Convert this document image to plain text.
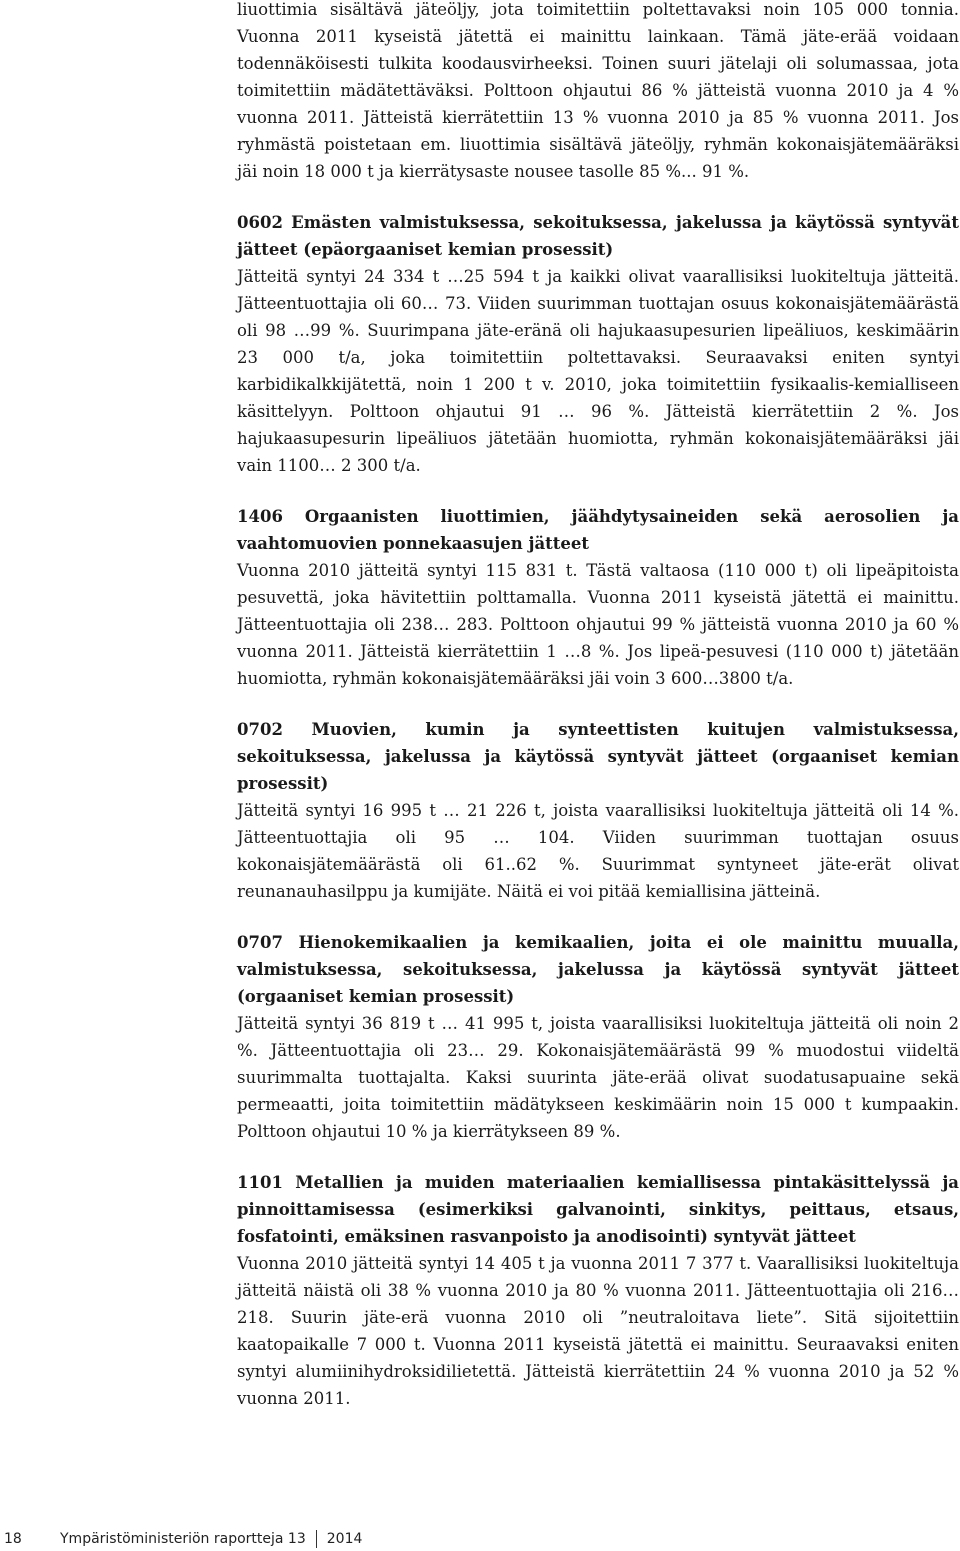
liuottimia sisältävä jäteöljy, jota toimitettiin poltettavaksi noin 105 000 tonnia. Vuonna 2011 kyseistä jätettä ei mainittu lainkaan. Tämä jäte-erää voidaan todennäköisesti tulkita koodausvirheeksi. Toinen suuri jätelaji oli solumassaa, jota toimitettiin mädätettäväksi. Polttoon ohjautui 86 % jätteistä vuonna 2010 ja 4 % vuonna 2011. Jätteistä kierrätettiin 13 % vuonna 2010 ja 85 % vuonna 2011. Jos ryhmästä poistetaan em. liuottimia sisältävä jäteöljy, ryhmän kokonaisjätemääräksi jäi noin 18 000 t ja kierrätysaste nousee tasolle 85 %... 91 %.

0602 Emästen valmistuksessa, sekoituksessa, jakelussa ja käytössä syntyvät jätteet (epäorgaaniset kemian prosessit)

Jätteitä syntyi 24 334 t …25 594 t ja kaikki olivat vaarallisiksi luokiteltuja jätteitä. Jätteentuottajia oli 60… 73. Viiden suurimman tuottajan osuus kokonaisjätemäärästä oli 98 …99 %. Suurimpana jäte-eränä oli hajukaasupesurien lipeäliuos, keskimäärin 23 000 t/a, joka toimitettiin poltettavaksi. Seuraavaksi eniten syntyi karbidikalkkijätettä, noin 1 200 t v. 2010, joka toimitettiin fysikaalis-kemialliseen käsittelyyn. Polttoon ohjautui 91 … 96 %. Jätteistä kierrätettiin 2 %. Jos hajukaasupesurin lipeäliuos jätetään huomiotta, ryhmän kokonaisjätemääräksi jäi vain 1100… 2 300 t/a.

1406 Orgaanisten liuottimien, jäähdytysaineiden sekä aerosolien ja vaahtomuovien ponnekaasujen jätteet

Vuonna 2010 jätteitä syntyi 115 831 t. Tästä valtaosa (110 000 t) oli lipeäpitoista pesuvettä, joka hävitettiin polttamalla. Vuonna 2011 kyseistä jätettä ei mainittu. Jätteentuottajia oli 238… 283. Polttoon ohjautui 99 % jätteistä vuonna 2010 ja 60 % vuonna 2011. Jätteistä kierrätettiin 1 …8 %. Jos lipeä-pesuvesi (110 000 t) jätetään huomiotta, ryhmän kokonaisjätemääräksi jäi voin 3 600…3800 t/a.

0702 Muovien, kumin ja synteettisten kuitujen valmistuksessa, sekoituksessa, jakelussa ja käytössä syntyvät jätteet (orgaaniset kemian prosessit)

Jätteitä syntyi 16 995 t … 21 226 t, joista vaarallisiksi luokiteltuja jätteitä oli 14 %. Jätteentuottajia oli 95 … 104. Viiden suurimman tuottajan osuus kokonaisjätemäärästä oli 61..62 %. Suurimmat syntyneet jäte-erät olivat reunanauhasilppu ja kumijäte. Näitä ei voi pitää kemiallisina jätteinä.

0707 Hienokemikaalien ja kemikaalien, joita ei ole mainittu muualla, valmistuksessa, sekoituksessa, jakelussa ja käytössä syntyvät jätteet (orgaaniset kemian prosessit)

Jätteitä syntyi 36 819 t … 41 995 t, joista vaarallisiksi luokiteltuja jätteitä oli noin 2 %. Jätteentuottajia oli 23… 29. Kokonaisjätemäärästä 99 % muodostui viideltä suurimmalta tuottajalta. Kaksi suurinta jäte-erää olivat suodatusapuaine sekä permeaatti, joita toimitettiin mädätykseen keskimäärin noin 15 000 t kumpaakin. Polttoon ohjautui 10 % ja kierrätykseen 89 %.

1101 Metallien ja muiden materiaalien kemiallisessa pintakäsittelyssä ja pinnoittamisessa (esimerkiksi galvanointi, sinkitys, peittaus, etsaus, fosfatointi, emäksinen rasvanpoisto ja anodisointi) syntyvät jätteet

Vuonna 2010 jätteitä syntyi 14 405 t ja vuonna 2011 7 377 t. Vaarallisiksi luokiteltuja jätteitä näistä oli 38 % vuonna 2010 ja 80 % vuonna 2011. Jätteentuottajia oli 216… 218. Suurin jäte-erä vuonna 2010 oli ”neutraloitava liete”. Sitä sijoitettiin kaatopaikalle 7 000 t. Vuonna 2011 kyseistä jätettä ei mainittu. Seuraavaksi eniten syntyi alumiinihydroksidilietettä. Jätteistä kierrätettiin 24 % vuonna 2010 ja 52 % vuonna 2011.

18	Ympäristöministeriön raportteja 13 2014
